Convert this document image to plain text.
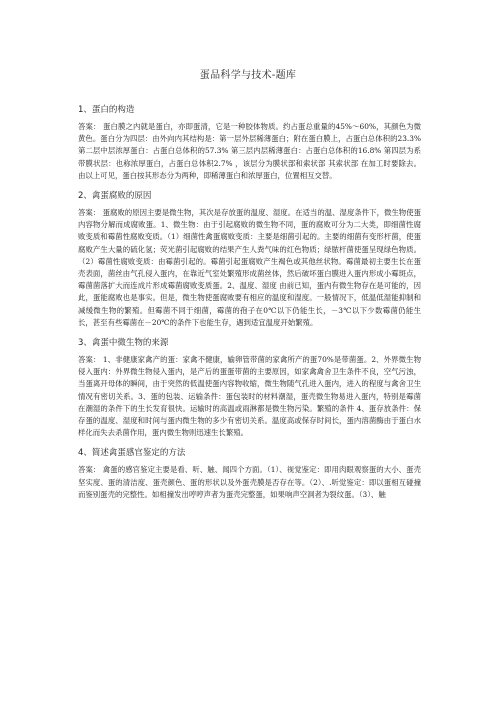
蛋品科学与技术-题库
1、蛋白的构造
答案： 蛋白膜之内就是蛋白，亦即蛋清，它是一种胶体物质。约占蛋总重量的45%～60%，其颜色为微黄色。蛋白分为四层：由外向内其结构是：第一层外层稀薄蛋白；附在蛋白膜上，占蛋白总体积的23.3% 第二层中层浓厚蛋白：占蛋白总体积的57.3% 第三层内层稀薄蛋白：占蛋白总体积的16.8% 第四层为系带膜状层：也称浓厚蛋白，占蛋白总体积2.7% ，该层分为膜状部和索状部 其索状部 在加工时要除去。由以上可见，蛋白按其形态分为两种，即稀薄蛋白和浓厚蛋白，位置相互交替。
2、禽蛋腐败的原因
答案： 蛋腐败的原因主要是微生物，其次是存放蛋的温度、湿度。在适当的温、湿度条件下，微生物使蛋内容物分解而成腐败蛋。1、微生物：由于引起腐败的微生物不同，蛋的腐败可分为二大类，即细菌性腐败变质和霉菌性腐败变质。（1）细菌性禽蛋腐败变质：主要是细菌引起的。主要的细菌有变形杆菌，使蛋腐败产生大量的硫化氢；荧光菌引起腐败的结果产生人粪气味的红色物质；绿脓杆菌使蛋呈现绿色物质。（2）霉菌性腐败变质：由霉菌引起的。霉菌引起蛋腐败产生褐色或其他丝状物。霉菌最初主要生长在蛋壳表面，菌丝由气孔侵入蛋内，在靠近气室处繁殖形成菌丝体，然后破坏蛋白膜进入蛋内形成小霉斑点，霉菌菌落扩大而连成片形成霉菌腐败变质蛋。2、温度、湿度 由前已知，蛋内有微生物存在是可能的，因此，蛋能腐败也是事实。但是，微生物使蛋腐败要有相应的温度和湿度。一般情况下，低温低湿能抑制和减缓微生物的繁殖。但霉菌不同于细菌，霉菌的孢子在0℃以下仍能生长，－3℃以下少数霉菌仍能生长，甚至有些霉菌在－20℃的条件下也能生存，遇到适宜温度开始繁殖。
3、禽蛋中微生物的来源
答案： 1、非健康家禽产的蛋：家禽不健康，输卵管带菌的家禽所产的蛋70%是带菌蛋。2、外界微生物侵入蛋内：外界微生物侵入蛋内，是产后的蛋蛋带菌的主要原因，如家禽禽舍卫生条件不良，空气污浊，当蛋离开母体的瞬间，由于突然的低温使蛋内容物收缩，微生物随气孔进入蛋内，进入的程度与禽舍卫生情况有密切关系。3、蛋的包装、运输条件：蛋包装时的材料潮湿，蛋壳微生物易进入蛋内，特别是霉菌在潮湿的条件下的生长发育很快。运输时的高温或雨淋都是微生物污染。繁殖的条件 4、蛋存放条件：保存蛋的温度、湿度和时间与蛋内微生物的多少有密切关系。温度高或保存时间长，蛋内溶菌酶由于蛋白水样化而失去杀菌作用，蛋内微生物则迅速生长繁殖。
4、简述禽蛋感官鉴定的方法
答案： 禽蛋的感官鉴定主要是看、听、触、闻四个方面。（1）、视觉鉴定：即用肉眼观察蛋的大小、蛋壳坚实度、蛋的清洁度、蛋壳颜色、蛋的形状以及外蛋壳膜是否存在等。（2）、.听觉鉴定：即以蛋相互碰撞而鉴别蛋壳的完整性。如相撞发出哼哼声者为蛋壳完整蛋，如果响声空洞者为裂纹蛋。（3）、触
